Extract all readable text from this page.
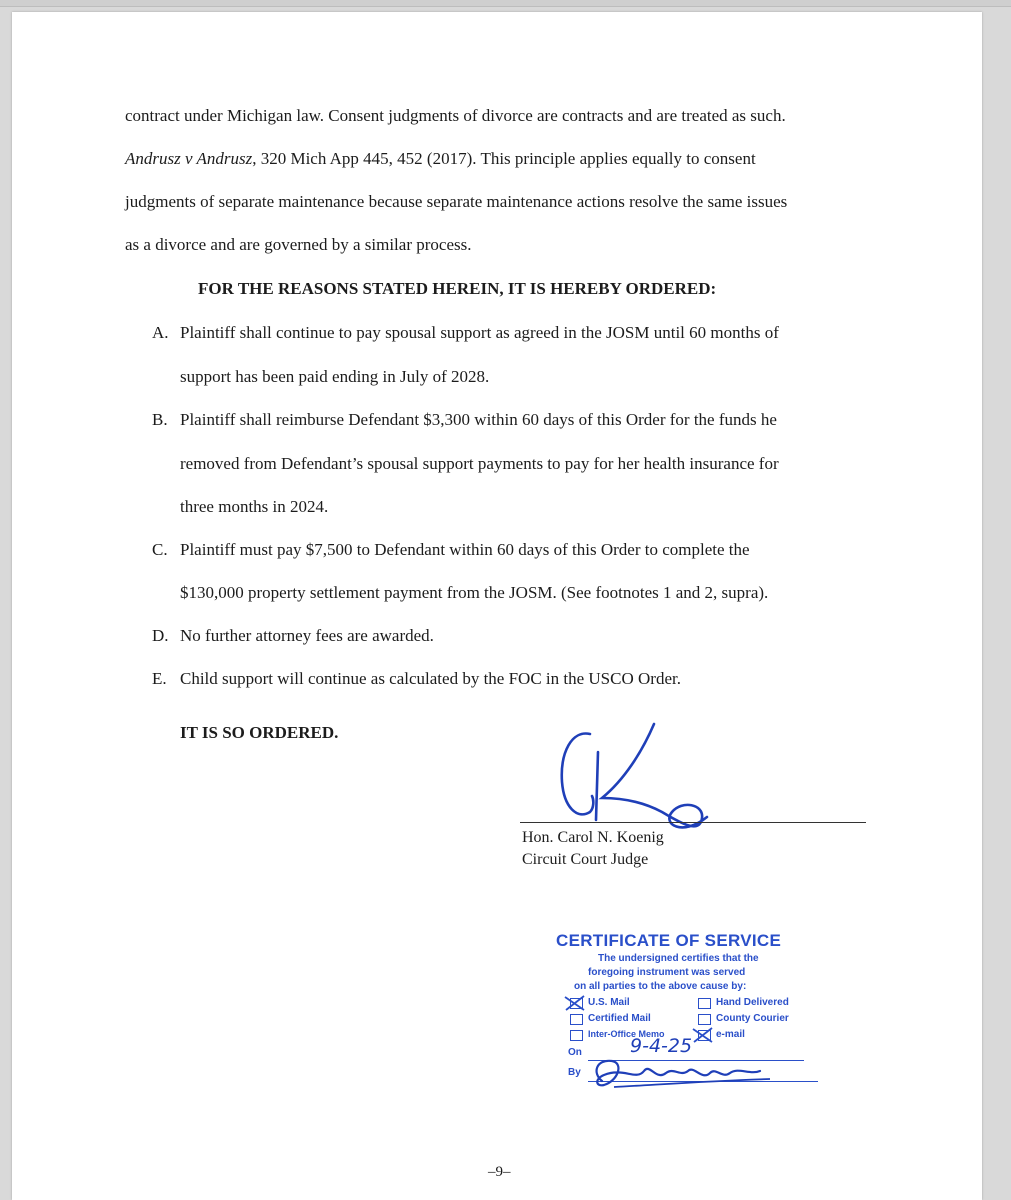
contract under Michigan law. Consent judgments of divorce are contracts and are treated as such.
Andrusz v Andrusz, 320 Mich App 445, 452 (2017). This principle applies equally to consent
judgments of separate maintenance because separate maintenance actions resolve the same issues
as a divorce and are governed by a similar process.
FOR THE REASONS STATED HEREIN, IT IS HEREBY ORDERED:
A. Plaintiff shall continue to pay spousal support as agreed in the JOSM until 60 months of
support has been paid ending in July of 2028.
B. Plaintiff shall reimburse Defendant $3,300 within 60 days of this Order for the funds he
removed from Defendant’s spousal support payments to pay for her health insurance for
three months in 2024.
C. Plaintiff must pay $7,500 to Defendant within 60 days of this Order to complete the
$130,000 property settlement payment from the JOSM. (See footnotes 1 and 2, supra).
D. No further attorney fees are awarded.
E. Child support will continue as calculated by the FOC in the USCO Order.
IT IS SO ORDERED.
Hon. Carol N. Koenig
Circuit Court Judge
CERTIFICATE OF SERVICE
The undersigned certifies that the
foregoing instrument was served
on all parties to the above cause by:
U.S. Mail	Hand Delivered
Certified Mail	County Courier
Inter-Office Memo	e-mail
On	9-4-25
By
–9–
